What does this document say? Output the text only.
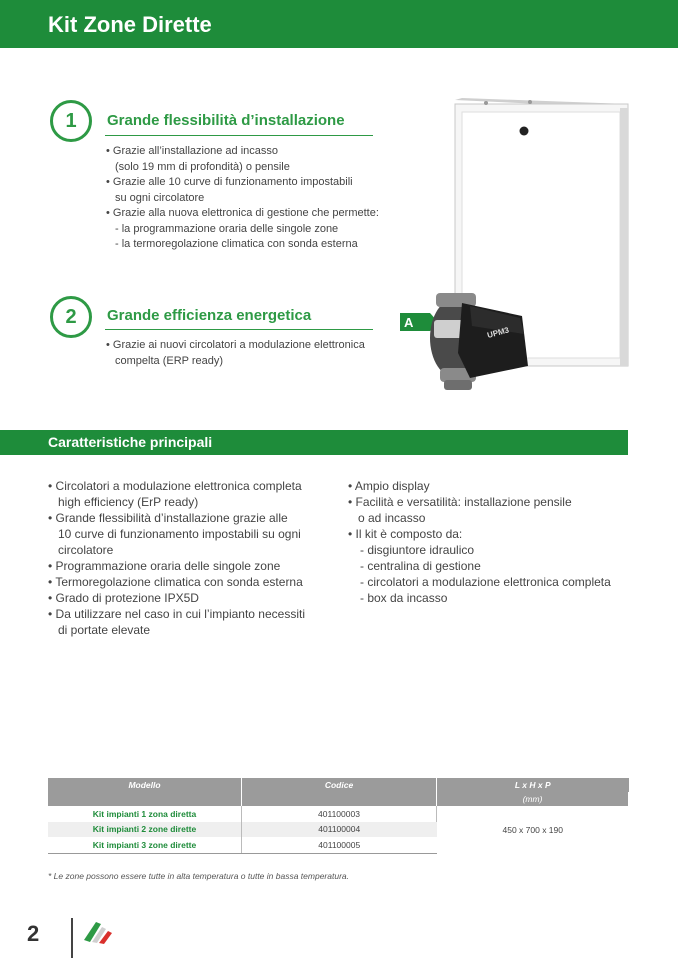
Kit Zone Dirette
1	Grande flessibilità d’installazione
• Grazie all’installazione ad incasso
(solo 19 mm di profondità) o pensile
• Grazie alle 10 curve di funzionamento impostabili
su ogni circolatore
• Grazie alla nuova elettronica di gestione che permette:
- la programmazione oraria delle singole zone
- la termoregolazione climatica con sonda esterna
2	Grande efficienza energetica
• Grazie ai nuovi circolatori a modulazione elettronica
compelta (ERP ready)
A
UPM3
Caratteristiche principali
• Circolatori a modulazione elettronica completa
high efficiency (ErP ready)
• Grande flessibilità d’installazione grazie alle
10 curve di funzionamento impostabili su ogni
circolatore
• Programmazione oraria delle singole zone
• Termoregolazione climatica con sonda esterna
• Grado di protezione IPX5D
• Da utilizzare nel caso in cui l’impianto necessiti
di portate elevate
• Ampio display
• Facilità e versatilità: installazione pensile
o ad incasso
• Il kit è composto da:
- disgiuntore idraulico
- centralina di gestione
- circolatori a modulazione elettronica completa
- box da incasso
Modello	Codice	L x H x P
		(mm)
Kit impianti 1 zona diretta	401100003	450 x 700 x 190
Kit impianti 2 zone dirette	401100004	
Kit impianti 3 zone dirette	401100005	
* Le zone possono essere tutte in alta temperatura o tutte in bassa temperatura.
2
